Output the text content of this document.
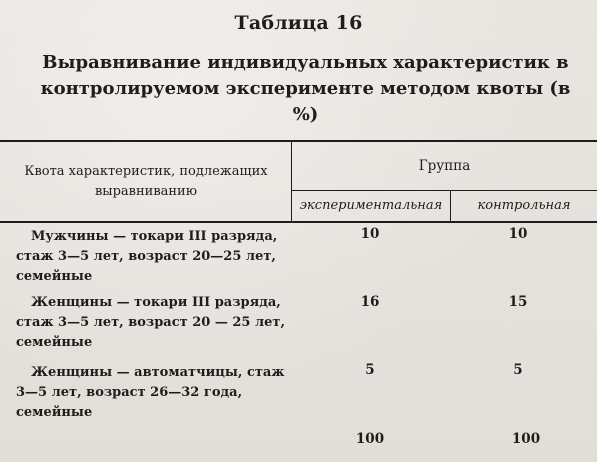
Таблица 16
Выравнивание индивидуальных характеристик в контролируемом эксперименте методом квоты (в %)
Квота характеристик, подлежащих выравниванию
Группа
экспериментальная	контрольная
Мужчины — токари III разряда,
стаж 3—5 лет, возраст 20—25 лет,
семейные
10	10
Женщины — токари III разряда,
стаж 3—5 лет, возраст 20 — 25 лет,
семейные
16	15
Женщины — автоматчицы, стаж
3—5 лет, возраст 26—32 года,
семейные
5	5
100	100
